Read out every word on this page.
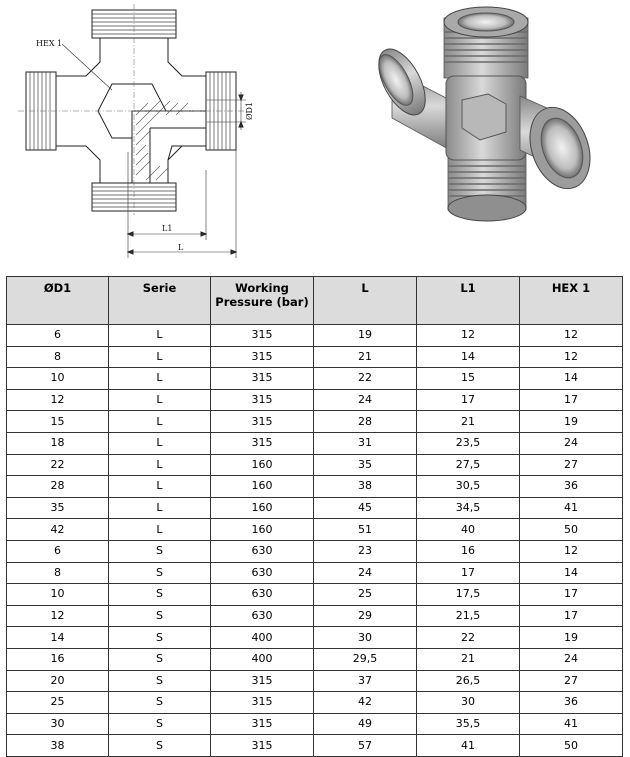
HEX 1
ØD1
L1
L
ØD1	Serie	Working Pressure (bar)	L	L1	HEX 1
6	L	315	19	12	12
8	L	315	21	14	12
10	L	315	22	15	14
12	L	315	24	17	17
15	L	315	28	21	19
18	L	315	31	23,5	24
22	L	160	35	27,5	27
28	L	160	38	30,5	36
35	L	160	45	34,5	41
42	L	160	51	40	50
6	S	630	23	16	12
8	S	630	24	17	14
10	S	630	25	17,5	17
12	S	630	29	21,5	17
14	S	400	30	22	19
16	S	400	29,5	21	24
20	S	315	37	26,5	27
25	S	315	42	30	36
30	S	315	49	35,5	41
38	S	315	57	41	50
